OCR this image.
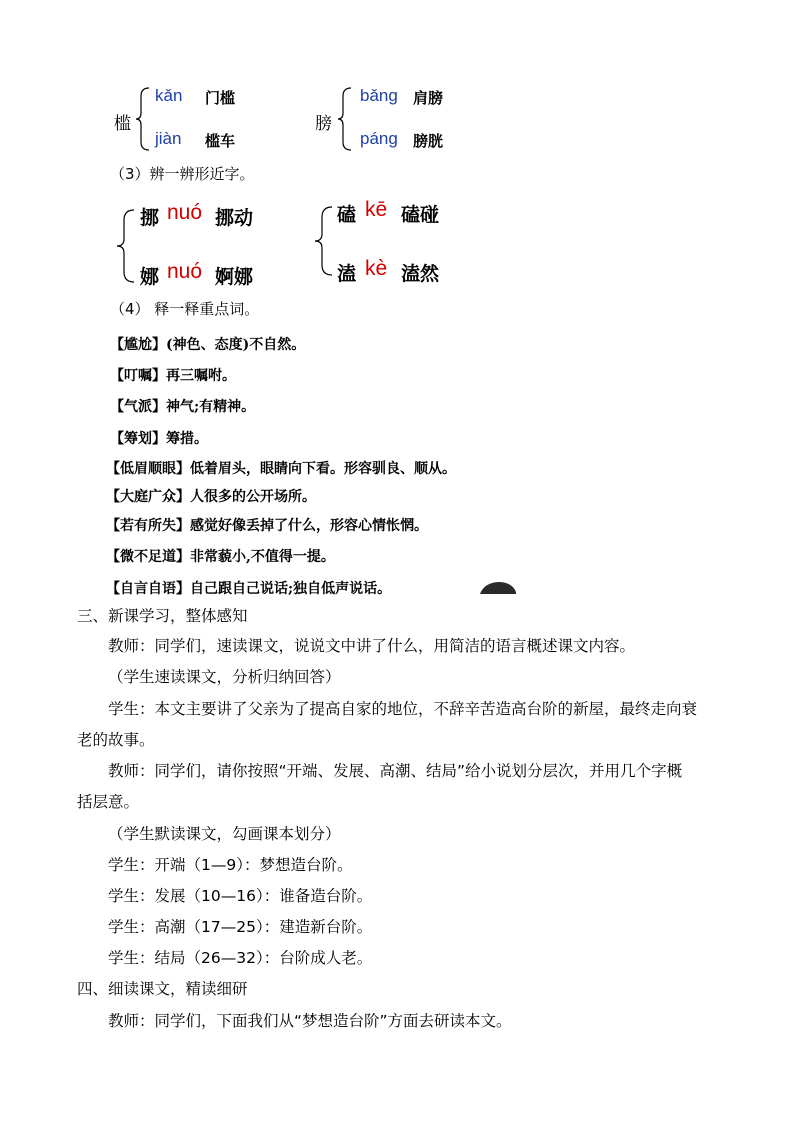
槛
kǎn 门槛
jiàn 槛车
膀
bǎng 肩膀
páng 膀胱
（3）辨一辨形近字。
挪 nuó 挪动
娜 nuó 婀娜
磕 kē 磕碰
溘 kè 溘然
（4） 释一释重点词。
【尴尬】(神色、态度)不自然。
【叮嘱】再三嘱咐。
【气派】神气;有精神。
【筹划】筹措。
【低眉顺眼】低着眉头，眼睛向下看。形容驯良、顺从。
【大庭广众】人很多的公开场所。
【若有所失】感觉好像丢掉了什么，形容心情怅惘。
【微不足道】非常藐小,不值得一提。
【自言自语】自己跟自己说话;独自低声说话。
三、新课学习，整体感知
教师：同学们，速读课文，说说文中讲了什么，用简洁的语言概述课文内容。
（学生速读课文，分析归纳回答）
学生：本文主要讲了父亲为了提高自家的地位，不辞辛苦造高台阶的新屋，最终走向衰
老的故事。
教师：同学们，请你按照“开端、发展、高潮、结局”给小说划分层次，并用几个字概
括层意。
（学生默读课文，勾画课本划分）
学生：开端（1—9）：梦想造台阶。
学生：发展（10—16）：谁备造台阶。
学生：高潮（17—25）：建造新台阶。
学生：结局（26—32）：台阶成人老。
四、细读课文，精读细研
教师：同学们，下面我们从“梦想造台阶”方面去研读本文。
